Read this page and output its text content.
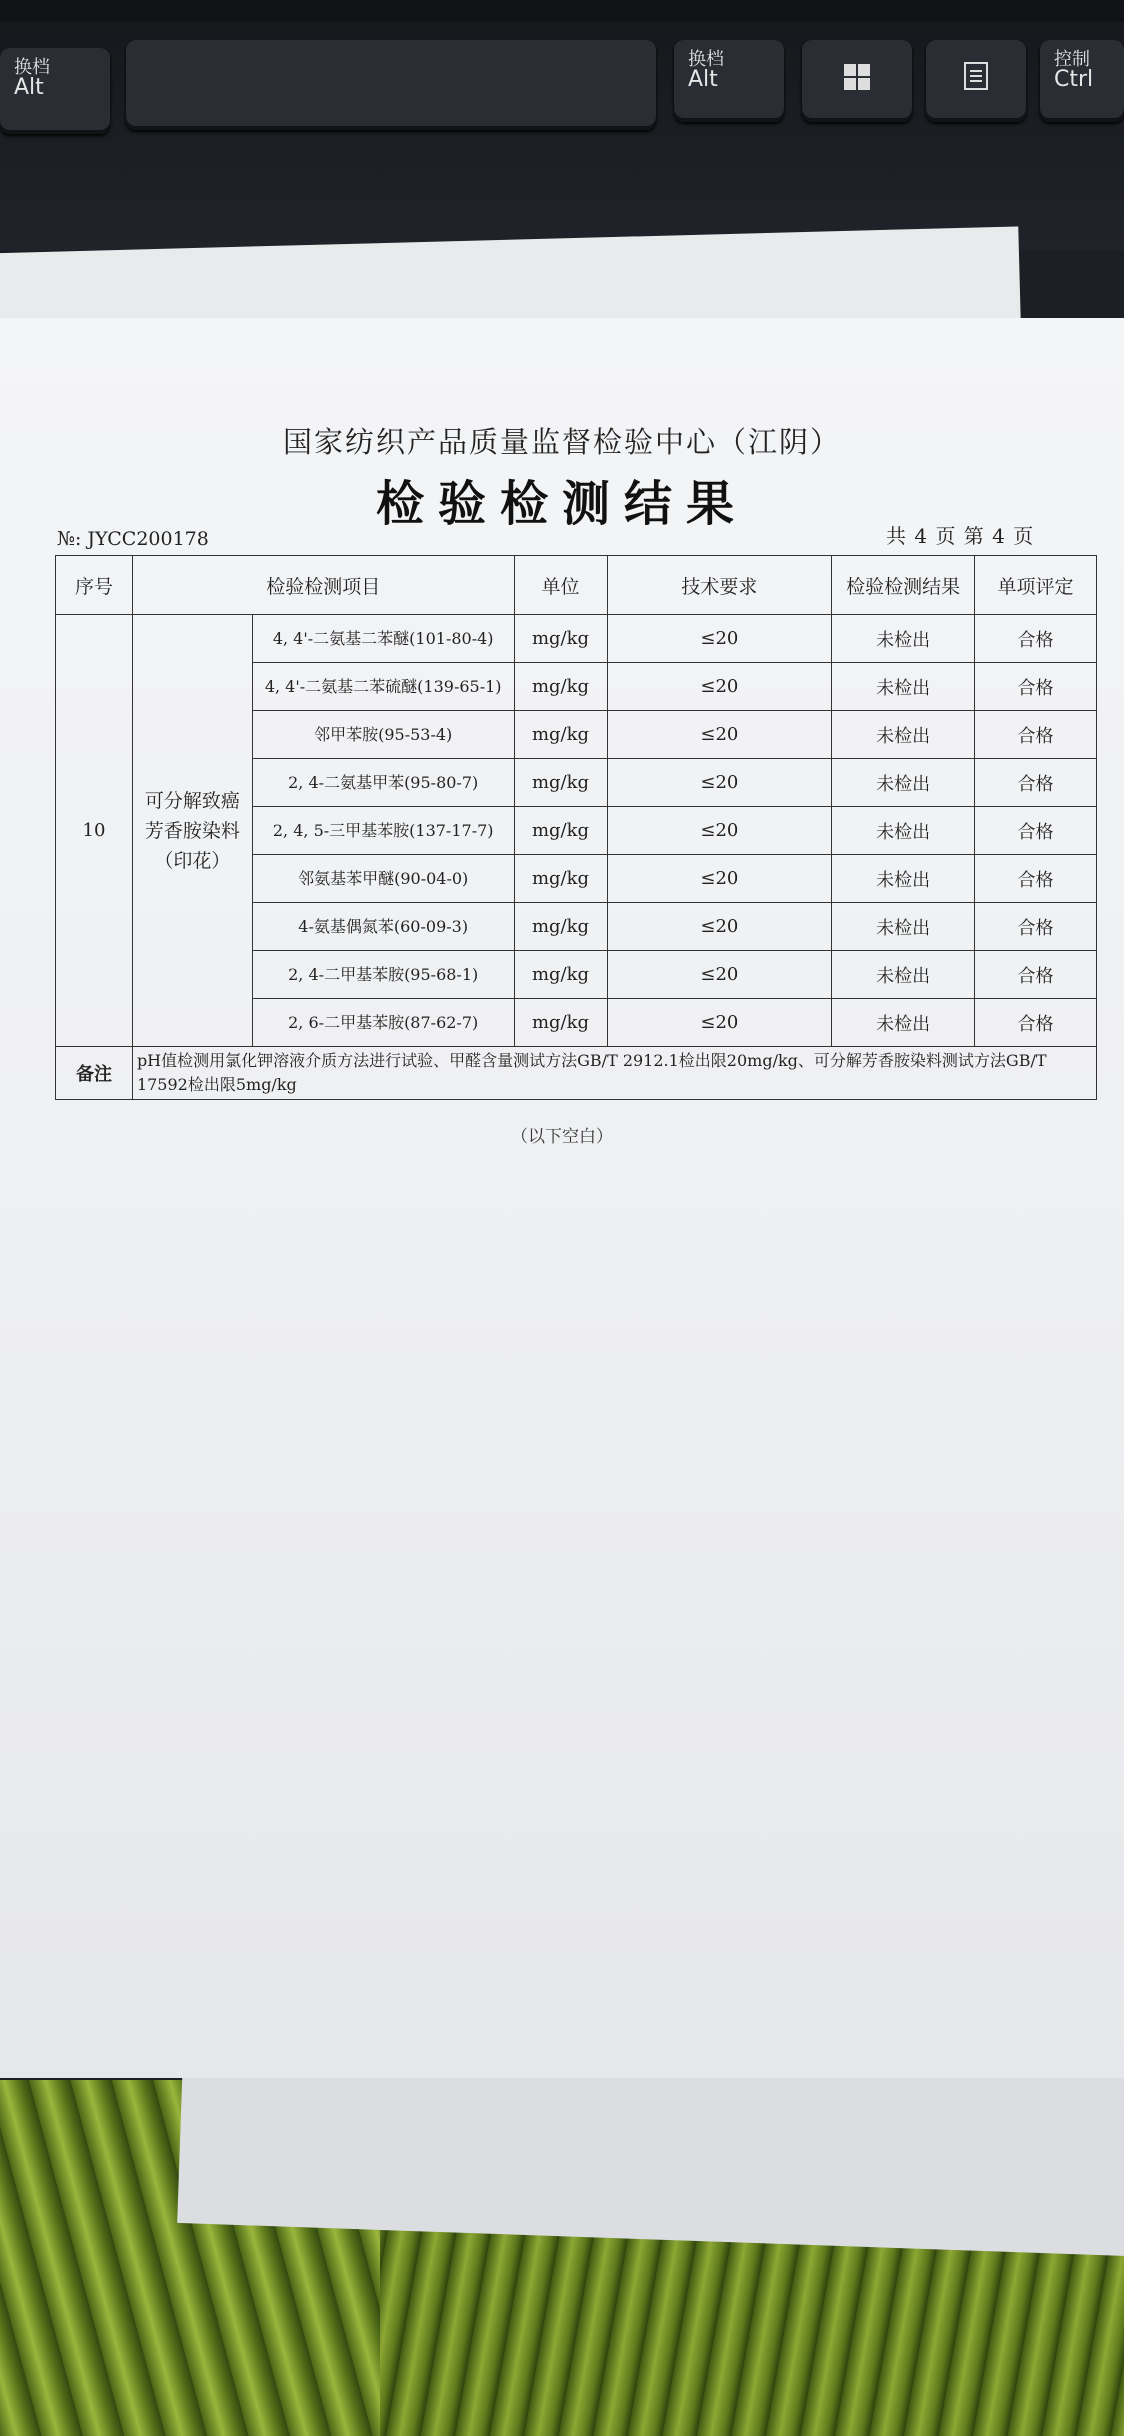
换档
Alt
换档
Alt
控制
Ctrl
国家纺织产品质量监督检验中心（江阴）
检验检测结果
№: JYCC200178	共 4 页 第 4 页
序号	检验检测项目		单位	技术要求	检验检测结果	单项评定
10	可分解致癌芳香胺染料（印花）	4, 4'-二氨基二苯醚(101-80-4)	mg/kg	≤20	未检出	合格
		4, 4'-二氨基二苯硫醚(139-65-1)	mg/kg	≤20	未检出	合格
		邻甲苯胺(95-53-4)	mg/kg	≤20	未检出	合格
		2, 4-二氨基甲苯(95-80-7)	mg/kg	≤20	未检出	合格
		2, 4, 5-三甲基苯胺(137-17-7)	mg/kg	≤20	未检出	合格
		邻氨基苯甲醚(90-04-0)	mg/kg	≤20	未检出	合格
		4-氨基偶氮苯(60-09-3)	mg/kg	≤20	未检出	合格
		2, 4-二甲基苯胺(95-68-1)	mg/kg	≤20	未检出	合格
		2, 6-二甲基苯胺(87-62-7)	mg/kg	≤20	未检出	合格
备注	pH值检测用氯化钾溶液介质方法进行试验、甲醛含量测试方法GB/T 2912.1检出限20mg/kg、可分解芳香胺染料测试方法GB/T 17592检出限5mg/kg					
（以下空白）
